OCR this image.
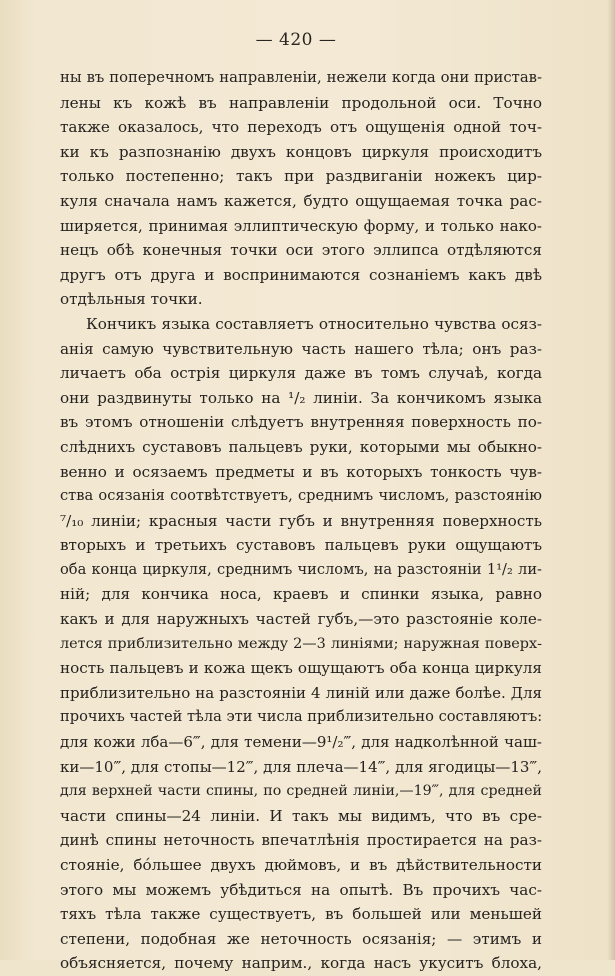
— 420 —
ны въ поперечномъ направленіи, нежели когда они пристав-
лены къ кожѣ въ направленіи продольной оси. Точно
также оказалось, что переходъ отъ ощущенія одной точ-
ки къ разпознанію двухъ концовъ циркуля происходитъ
только постепенно; такъ при раздвиганіи ножекъ цир-
куля сначала намъ кажется, будто ощущаемая точка рас-
ширяется, принимая эллиптическую форму, и только нако-
нецъ обѣ конечныя точки оси этого эллипса отдѣляются
другъ отъ друга и воспринимаются сознаніемъ какъ двѣ
отдѣльныя точки.
Кончикъ языка составляетъ относительно чувства осяз-
анія самую чувствительную часть нашего тѣла; онъ раз-
личаетъ оба острія циркуля даже въ томъ случаѣ, когда
они раздвинуты только на ¹/₂ линіи. За кончикомъ языка
въ этомъ отношеніи слѣдуетъ внутренняя поверхность по-
слѣднихъ суставовъ пальцевъ руки, которыми мы обыкно-
венно и осязаемъ предметы и въ которыхъ тонкость чув-
ства осязанія соотвѣтствуетъ, среднимъ числомъ, разстоянію
⁷/₁₀ линіи; красныя части губъ и внутренняя поверхность
вторыхъ и третьихъ суставовъ пальцевъ руки ощущаютъ
оба конца циркуля, среднимъ числомъ, на разстояніи 1¹/₂ ли-
ній; для кончика носа, краевъ и спинки языка, равно
какъ и для наружныхъ частей губъ,—это разстояніе коле-
лется приблизительно между 2—3 линіями; наружная поверх-
ность пальцевъ и кожа щекъ ощущаютъ оба конца циркуля
приблизительно на разстояніи 4 линій или даже болѣе. Для
прочихъ частей тѣла эти числа приблизительно составляютъ:
для кожи лба—6‴, для темени—9¹/₂‴, для надколѣнной чаш-
ки—10‴, для стопы—12‴, для плеча—14‴, для ягодицы—13‴,
для верхней части спины, по средней линіи,—19‴, для средней
части спины—24 линіи. И такъ мы видимъ, что въ сре-
динѣ спины неточность впечатлѣнія простирается на раз-
стояніе, бóльшее двухъ дюймовъ, и въ дѣйствительности
этого мы можемъ убѣдиться на опытѣ. Въ прочихъ час-
тяхъ тѣла также существуетъ, въ большей или меньшей
степени, подобная же неточность осязанія; — этимъ и
объясняется, почему наприм., когда насъ укуситъ блоха,
